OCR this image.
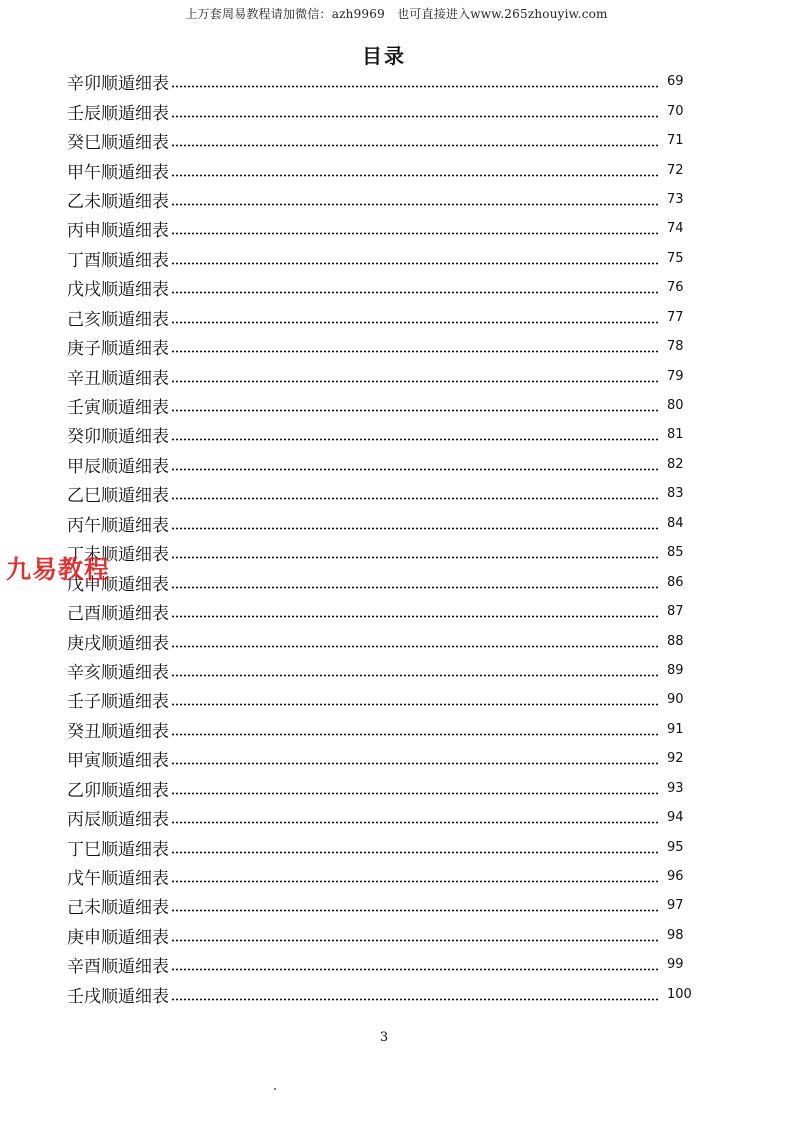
上万套周易教程请加微信：azh9969　也可直接进入www.265zhouyiw.com
目录
辛卯顺遁细表	69
壬辰顺遁细表	70
癸巳顺遁细表	71
甲午顺遁细表	72
乙未顺遁细表	73
丙申顺遁细表	74
丁酉顺遁细表	75
戊戌顺遁细表	76
己亥顺遁细表	77
庚子顺遁细表	78
辛丑顺遁细表	79
壬寅顺遁细表	80
癸卯顺遁细表	81
甲辰顺遁细表	82
乙巳顺遁细表	83
丙午顺遁细表	84
丁未顺遁细表	85
戊申顺遁细表	86
己酉顺遁细表	87
庚戌顺遁细表	88
辛亥顺遁细表	89
壬子顺遁细表	90
癸丑顺遁细表	91
甲寅顺遁细表	92
乙卯顺遁细表	93
丙辰顺遁细表	94
丁巳顺遁细表	95
戊午顺遁细表	96
己未顺遁细表	97
庚申顺遁细表	98
辛酉顺遁细表	99
壬戌顺遁细表	100
九易教程
3
